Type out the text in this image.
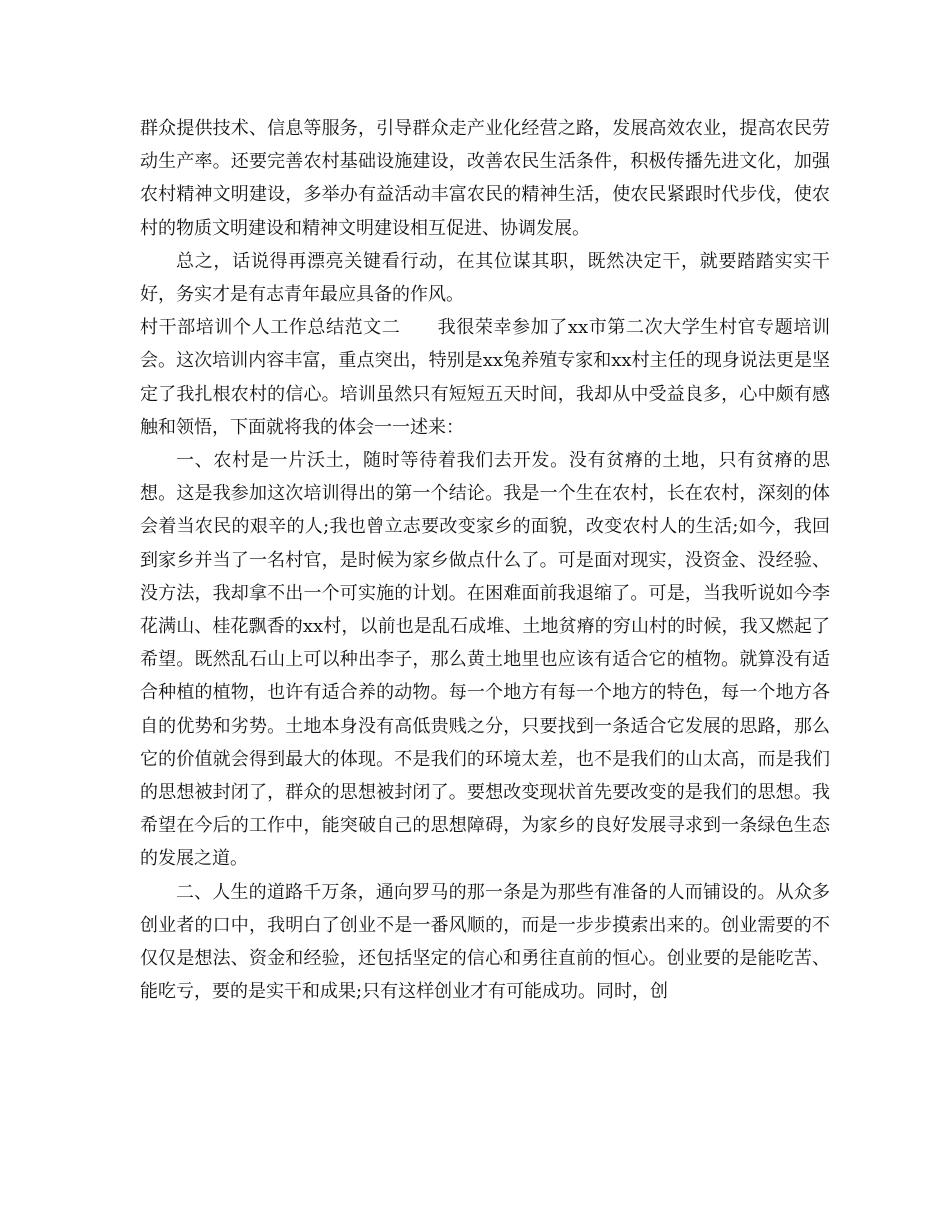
群众提供技术、信息等服务，引导群众走产业化经营之路，发展高效农业，提高农民劳动生产率。还要完善农村基础设施建设，改善农民生活条件，积极传播先进文化，加强农村精神文明建设，多举办有益活动丰富农民的精神生活，使农民紧跟时代步伐，使农村的物质文明建设和精神文明建设相互促进、协调发展。

总之，话说得再漂亮关键看行动，在其位谋其职，既然决定干，就要踏踏实实干好，务实才是有志青年最应具备的作风。

村干部培训个人工作总结范文二　　我很荣幸参加了xx市第二次大学生村官专题培训会。这次培训内容丰富，重点突出，特别是xx兔养殖专家和xx村主任的现身说法更是坚定了我扎根农村的信心。培训虽然只有短短五天时间，我却从中受益良多，心中颇有感触和领悟，下面就将我的体会一一述来：

一、农村是一片沃土，随时等待着我们去开发。没有贫瘠的土地，只有贫瘠的思想。这是我参加这次培训得出的第一个结论。我是一个生在农村，长在农村，深刻的体会着当农民的艰辛的人;我也曾立志要改变家乡的面貌，改变农村人的生活;如今，我回到家乡并当了一名村官，是时候为家乡做点什么了。可是面对现实，没资金、没经验、没方法，我却拿不出一个可实施的计划。在困难面前我退缩了。可是，当我听说如今李花满山、桂花飘香的xx村，以前也是乱石成堆、土地贫瘠的穷山村的时候，我又燃起了希望。既然乱石山上可以种出李子，那么黄土地里也应该有适合它的植物。就算没有适合种植的植物，也许有适合养的动物。每一个地方有每一个地方的特色，每一个地方各自的优势和劣势。土地本身没有高低贵贱之分，只要找到一条适合它发展的思路，那么它的价值就会得到最大的体现。不是我们的环境太差，也不是我们的山太高，而是我们的思想被封闭了，群众的思想被封闭了。要想改变现状首先要改变的是我们的思想。我希望在今后的工作中，能突破自己的思想障碍，为家乡的良好发展寻求到一条绿色生态的发展之道。

二、人生的道路千万条，通向罗马的那一条是为那些有准备的人而铺设的。从众多创业者的口中，我明白了创业不是一番风顺的，而是一步步摸索出来的。创业需要的不仅仅是想法、资金和经验，还包括坚定的信心和勇往直前的恒心。创业要的是能吃苦、能吃亏，要的是实干和成果;只有这样创业才有可能成功。同时，创
